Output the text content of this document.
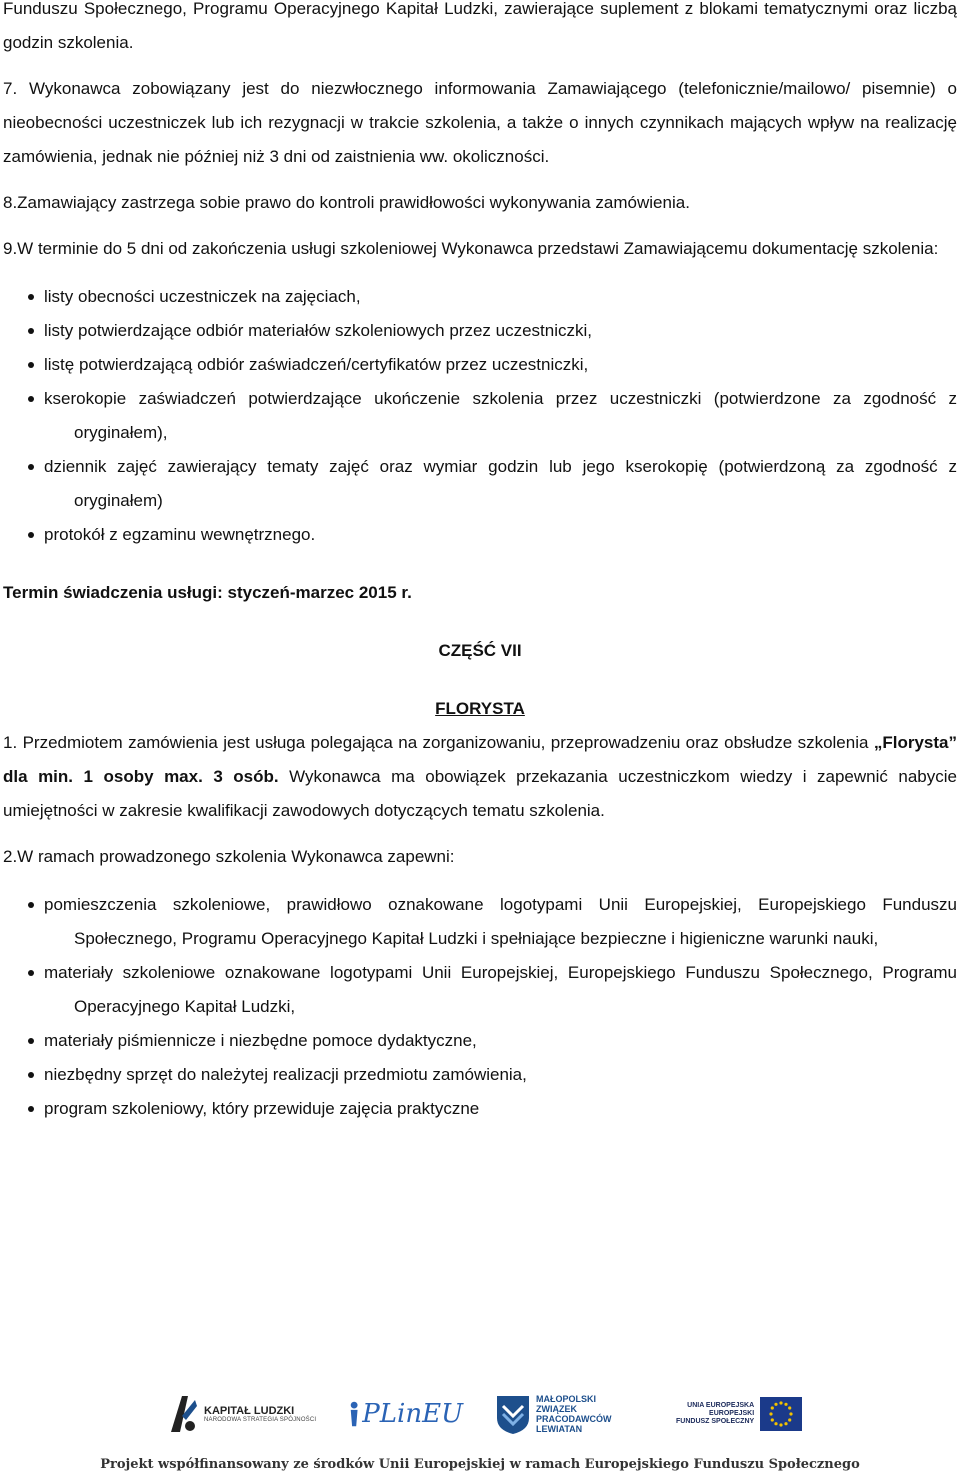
Funduszu Społecznego, Programu Operacyjnego Kapitał Ludzki, zawierające suplement z blokami tematycznymi oraz liczbą godzin szkolenia.

7. Wykonawca zobowiązany jest do niezwłocznego informowania Zamawiającego (telefonicznie/mailowo/ pisemnie) o nieobecności uczestniczek lub ich rezygnacji w trakcie szkolenia, a także o innych czynnikach mających wpływ na realizację zamówienia, jednak nie później niż 3 dni od zaistnienia ww. okoliczności.

8.Zamawiający zastrzega sobie prawo do kontroli prawidłowości wykonywania zamówienia.

9.W terminie do 5 dni od zakończenia usługi szkoleniowej Wykonawca przedstawi Zamawiającemu dokumentację szkolenia:

listy obecności uczestniczek na zajęciach,
listy potwierdzające odbiór materiałów szkoleniowych przez uczestniczki,
listę potwierdzającą odbiór zaświadczeń/certyfikatów przez uczestniczki,
kserokopie zaświadczeń potwierdzające ukończenie szkolenia przez uczestniczki (potwierdzone za zgodność z oryginałem),
dziennik zajęć zawierający tematy zajęć oraz wymiar godzin lub jego kserokopię (potwierdzoną za zgodność z oryginałem)
protokół z egzaminu wewnętrznego.

Termin świadczenia usługi: styczeń-marzec 2015 r.

CZĘŚĆ VII

FLORYSTA

1. Przedmiotem zamówienia jest usługa polegająca na zorganizowaniu, przeprowadzeniu oraz obsłudze szkolenia „Florysta” dla min. 1 osoby max. 3 osób. Wykonawca ma obowiązek przekazania uczestniczkom wiedzy i zapewnić nabycie umiejętności w zakresie kwalifikacji zawodowych dotyczących tematu szkolenia.

2.W ramach prowadzonego szkolenia Wykonawca zapewni:

pomieszczenia szkoleniowe, prawidłowo oznakowane logotypami Unii Europejskiej, Europejskiego Funduszu Społecznego, Programu Operacyjnego Kapitał Ludzki i spełniające bezpieczne i higieniczne warunki nauki,
materiały szkoleniowe oznakowane logotypami Unii Europejskiej, Europejskiego Funduszu Społecznego, Programu Operacyjnego Kapitał Ludzki,
materiały piśmiennicze i niezbędne pomoce dydaktyczne,
niezbędny sprzęt do należytej realizacji przedmiotu zamówienia,
program szkoleniowy, który przewiduje zajęcia praktyczne
KAPITAŁ LUDZKI
NARODOWA STRATEGIA SPÓJNOŚCI PLinEU	MAŁOPOLSKI
ZWIĄZEK
PRACODAWCÓW
LEWIATAN
UNIA EUROPEJSKA
EUROPEJSKI
FUNDUSZ SPOŁECZNY
Projekt współfinansowany ze środków Unii Europejskiej w ramach Europejskiego Funduszu Społecznego
